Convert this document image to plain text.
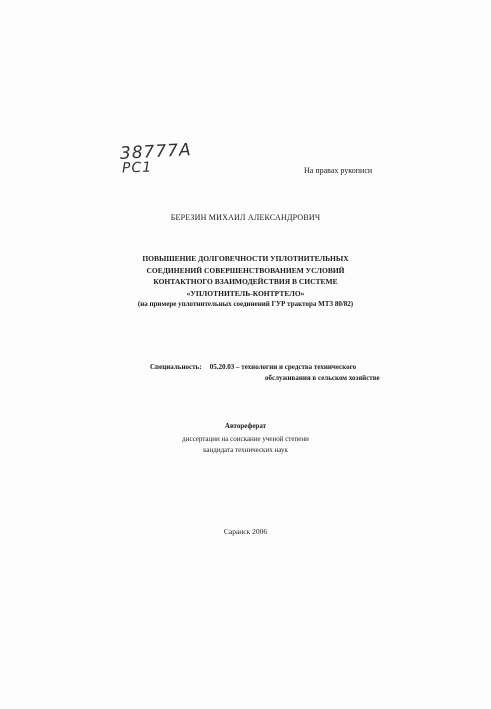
38777A
РС1	На правах рукописи
БЕРЕЗИН МИХАИЛ АЛЕКСАНДРОВИЧ
ПОВЫШЕНИЕ ДОЛГОВЕЧНОСТИ УПЛОТНИТЕЛЬНЫХ
СОЕДИНЕНИЙ СОВЕРШЕНСТВОВАНИЕМ УСЛОВИЙ
КОНТАКТНОГО ВЗАИМОДЕЙСТВИЯ В СИСТЕМЕ
«УПЛОТНИТЕЛЬ-КОНТРТЕЛО»
(на примере уплотнительных соединений ГУР трактора МТЗ 80/82)
Специальность: 05.20.03 – технологии и средства технического
обслуживания в сельском хозяйстве
Автореферат
диссертации на соискание ученой степени
кандидата технических наук
Саранск 2006
